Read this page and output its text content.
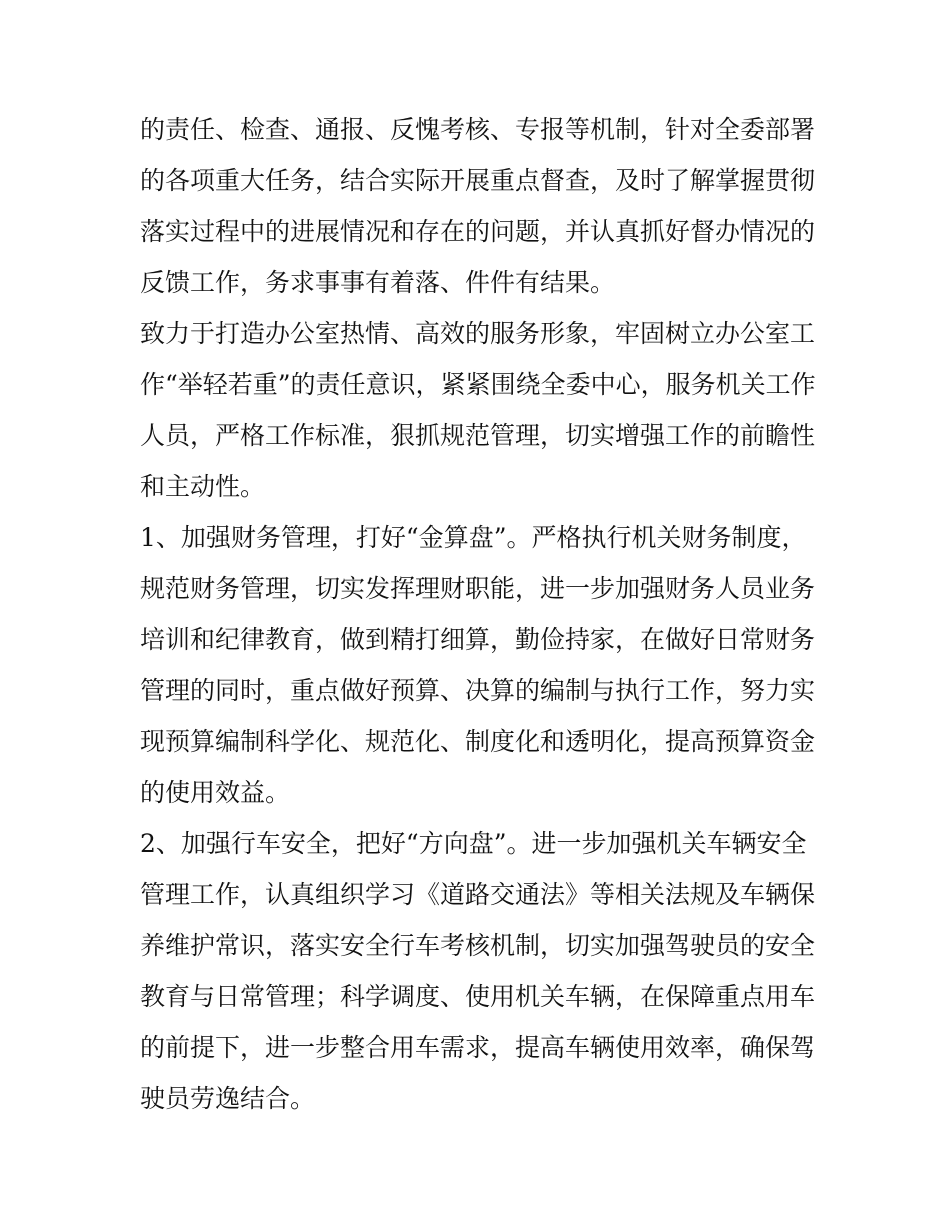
的责任、检查、通报、反愧考核、专报等机制，针对全委部署
的各项重大任务，结合实际开展重点督查，及时了解掌握贯彻
落实过程中的进展情况和存在的问题，并认真抓好督办情况的
反馈工作，务求事事有着落、件件有结果。
致力于打造办公室热情、高效的服务形象，牢固树立办公室工
作“举轻若重”的责任意识，紧紧围绕全委中心，服务机关工作
人员，严格工作标准，狠抓规范管理，切实增强工作的前瞻性
和主动性。
1、加强财务管理，打好“金算盘”。严格执行机关财务制度，
规范财务管理，切实发挥理财职能，进一步加强财务人员业务
培训和纪律教育，做到精打细算，勤俭持家，在做好日常财务
管理的同时，重点做好预算、决算的编制与执行工作，努力实
现预算编制科学化、规范化、制度化和透明化，提高预算资金
的使用效益。
2、加强行车安全，把好“方向盘”。进一步加强机关车辆安全
管理工作，认真组织学习《道路交通法》等相关法规及车辆保
养维护常识，落实安全行车考核机制，切实加强驾驶员的安全
教育与日常管理；科学调度、使用机关车辆，在保障重点用车
的前提下，进一步整合用车需求，提高车辆使用效率，确保驾
驶员劳逸结合。
